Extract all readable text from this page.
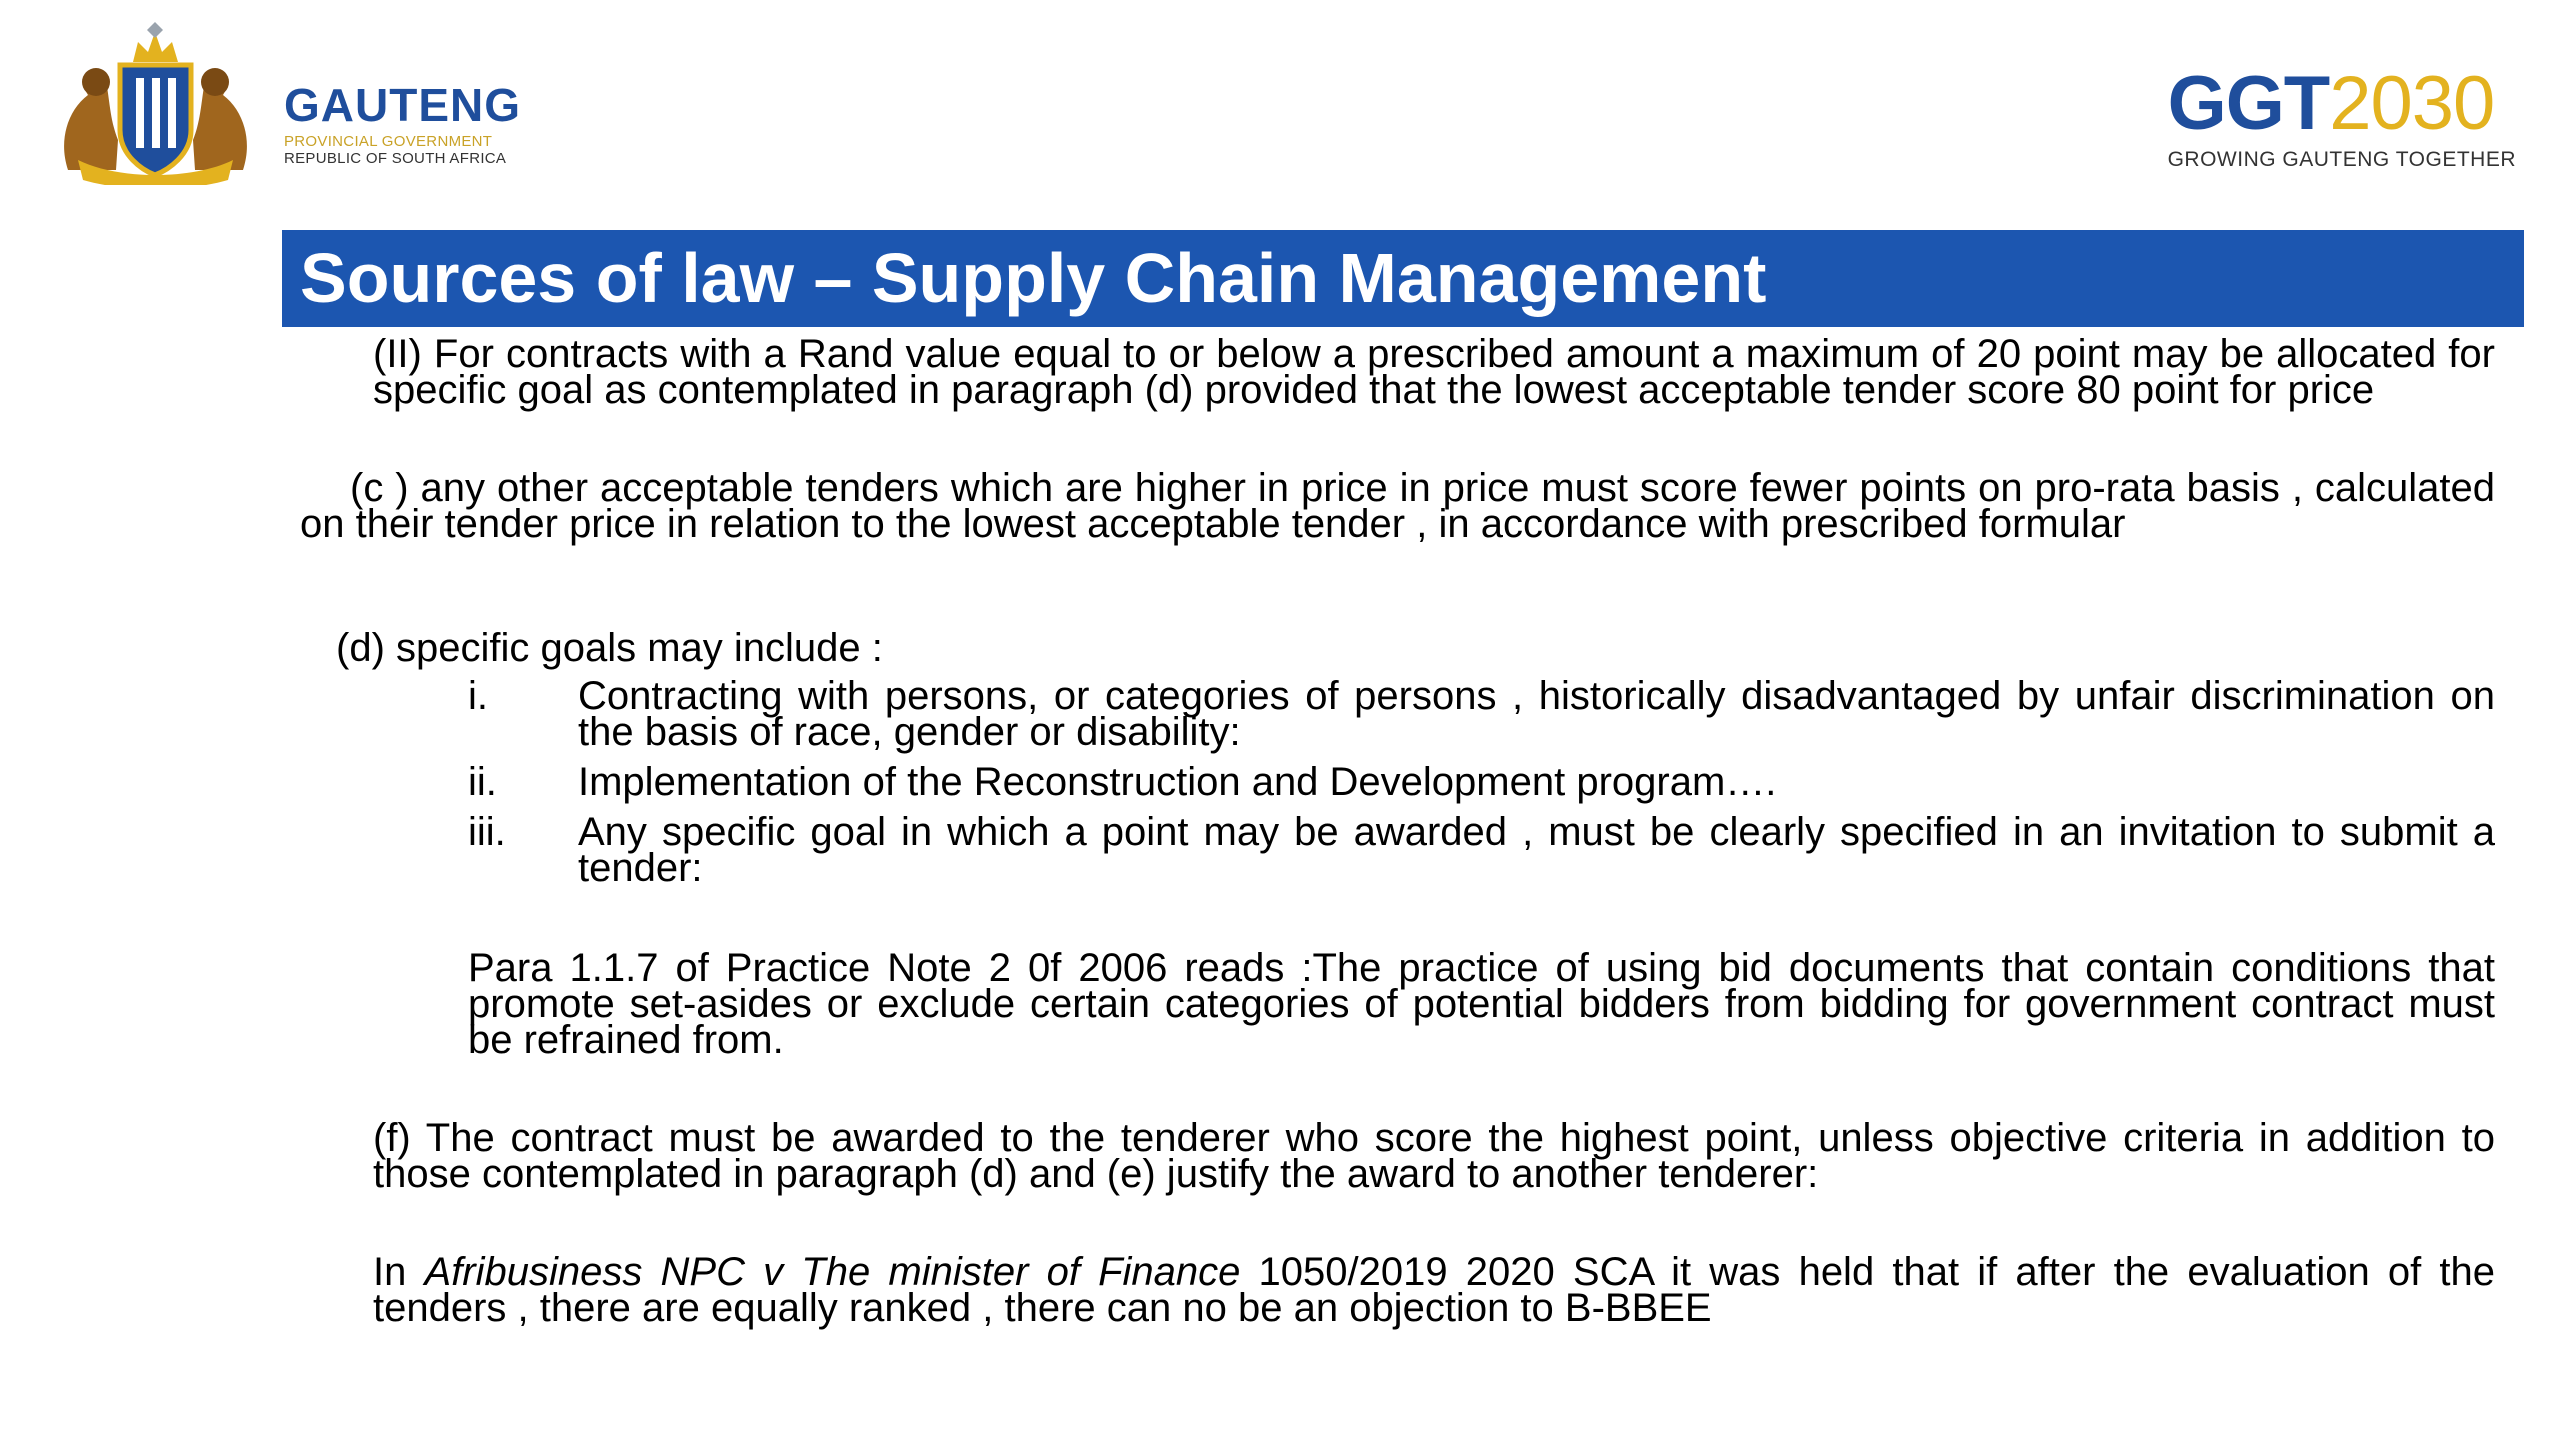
GAUTENG
PROVINCIAL GOVERNMENT
REPUBLIC OF SOUTH AFRICA
GGT2030
GROWING GAUTENG TOGETHER
Sources of law – Supply Chain Management
(II) For contracts with a Rand value equal to or below a prescribed amount a maximum of 20 point may be allocated for specific goal as contemplated in paragraph (d) provided that the lowest acceptable tender score 80 point for price
(c ) any other acceptable tenders which are higher in price in price must score fewer points on pro-rata basis , calculated on their tender price in relation to the lowest acceptable tender , in accordance with prescribed formular
(d) specific goals may include :
i.	Contracting with persons, or categories of persons , historically disadvantaged by unfair discrimination on the basis of race, gender or disability:
ii.	Implementation of the Reconstruction and Development program….
iii.	Any specific goal in which a point may be awarded , must be clearly specified in an invitation to submit a tender:
Para 1.1.7 of Practice Note 2 0f 2006 reads :The practice of using bid documents that contain conditions that promote set-asides or exclude certain categories of potential bidders from bidding for government contract must be refrained from.
(f) The contract must be awarded to the tenderer who score the highest point, unless objective criteria in addition to those contemplated in paragraph (d) and (e) justify the award to another tenderer:
In Afribusiness NPC v The minister of Finance 1050/2019 2020 SCA it was held that if after the evaluation of the tenders , there are equally ranked , there can no be an objection to B-BBEE
